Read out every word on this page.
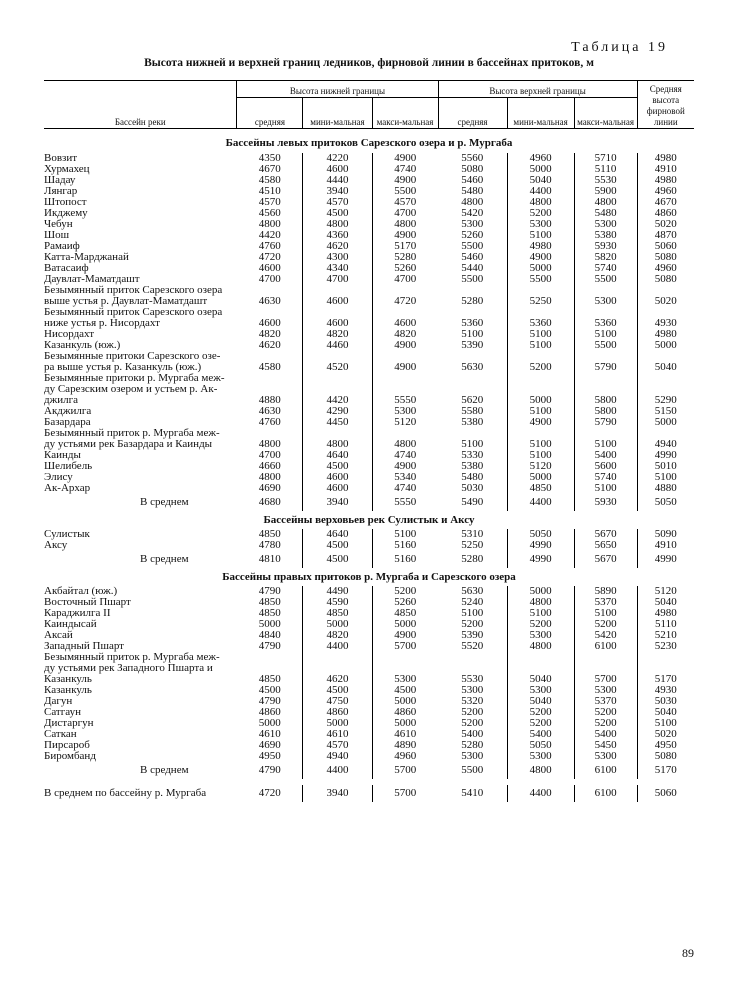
Таблица 19
Высота нижней и верхней границ ледников, фирновой линии в бассейнах притоков, м
Бассейн реки	Высота нижней границы			Высота верхней границы			Средняя высота фирновой линии
	средняя	мини-мальная	макси-мальная	средняя	мини-мальная	макси-мальная	
Бассейны левых притоков Сарезского озера и р. Мургаба							

Вовзит	4350	4220	4900	5560	4960	5710	4980

Хурмахец	4670	4600	4740	5080	5000	5110	4910

Шадау	4580	4440	4900	5460	5040	5530	4980

Лянгар	4510	3940	5500	5480	4400	5900	4960

Штопост	4570	4570	4570	4800	4800	4800	4670

Икджему	4560	4500	4700	5420	5200	5480	4860

Чебун	4800	4800	4800	5300	5300	5300	5020

Шош	4420	4360	4900	5260	5100	5380	4870

Рамаиф	4760	4620	5170	5500	4980	5930	5060

Катта-Марджанай	4720	4300	5280	5460	4900	5820	5080

Ватасаиф	4600	4340	5260	5440	5000	5740	4960

Даувлат-Маматдашт	4700	4700	4700	5500	5500	5500	5080

Безымянный приток Сарезского озера
выше устья р. Даувлат-Маматдашт	4630	4600	4720	5280	5250	5300	5020

Безымянный приток Сарезского озера
ниже устья р. Нисордахт	4600	4600	4600	5360	5360	5360	4930

Нисордахт	4820	4820	4820	5100	5100	5100	4980

Казанкуль (юж.)	4620	4460	4900	5390	5100	5500	5000

Безымянные притоки Сарезского озе-
ра выше устья р. Казанкуль (юж.)	4580	4520	4900	5630	5200	5790	5040

Безымянные притоки р. Мургаба меж-
ду Сарезским озером и устьем р. Ак-
джилга	4880	4420	5550	5620	5000	5800	5290

Акджилга	4630	4290	5300	5580	5100	5800	5150

Базардара	4760	4450	5120	5380	4900	5790	5000

Безымянный приток р. Мургаба меж-
ду устьями рек Базардара и Каинды	4800	4800	4800	5100	5100	5100	4940

Каинды	4700	4640	4740	5330	5100	5400	4990

Шелибель	4660	4500	4900	5380	5120	5600	5010

Элису	4800	4600	5340	5480	5000	5740	5100

Ак-Архар	4690	4600	4740	5030	4850	5100	4880
В среднем	4680	3940	5550	5490	4400	5930	5050
Бассейны верховьев рек Сулистык и Аксу							

Сулистык	4850	4640	5100	5310	5050	5670	5090

Аксу	4780	4500	5160	5250	4990	5650	4910
В среднем	4810	4500	5160	5280	4990	5670	4990
Бассейны правых притоков р. Мургаба и Сарезского озера							

Акбайтал (юж.)	4790	4490	5200	5630	5000	5890	5120

Восточный Пшарт	4850	4590	5260	5240	4800	5370	5040

Караджилга II	4850	4850	4850	5100	5100	5100	4980

Каиндысай	5000	5000	5000	5200	5200	5200	5110

Аксай	4840	4820	4900	5390	5300	5420	5210

Западный Пшарт	4790	4400	5700	5520	4800	6100	5230

Безымянный приток р. Мургаба меж-
ду устьями рек Западного Пшарта и
Казанкуль	4850	4620	5300	5530	5040	5700	5170

Казанкуль	4500	4500	4500	5300	5300	5300	4930

Дагун	4790	4750	5000	5320	5040	5370	5030

Сатгаун	4860	4860	4860	5200	5200	5200	5040

Дистаргун	5000	5000	5000	5200	5200	5200	5100

Саткан	4610	4610	4610	5400	5400	5400	5020

Пирсароб	4690	4570	4890	5280	5050	5450	4950

Биромбанд	4950	4940	4960	5300	5300	5300	5080
В среднем	4790	4400	5700	5500	4800	6100	5170

В среднем по бассейну р. Мургаба	4720	3940	5700	5410	4400	6100	5060
89
